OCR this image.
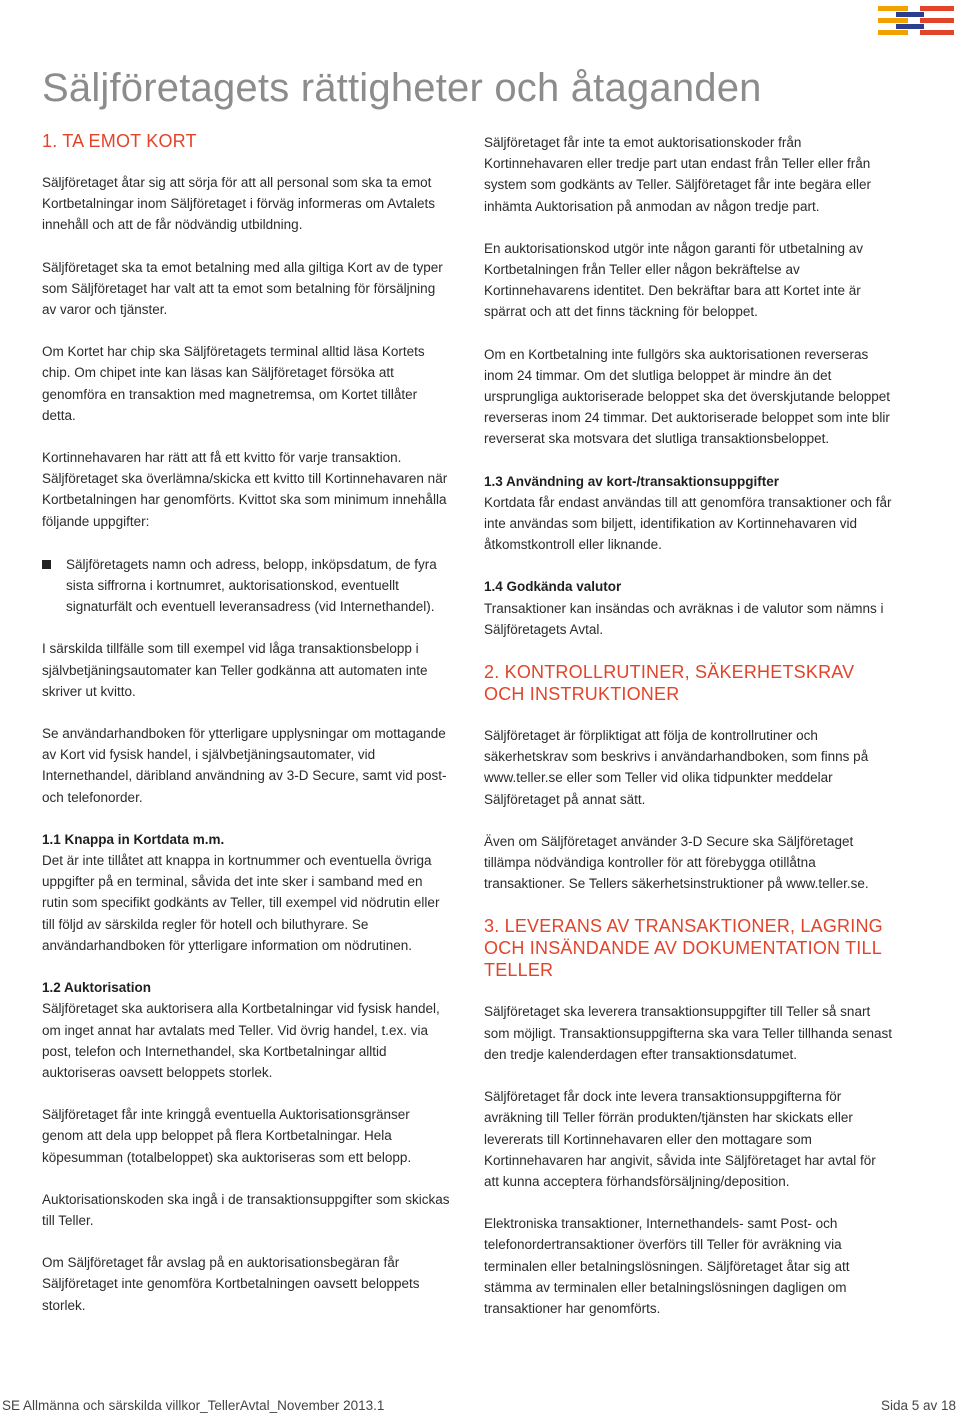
Säljföretagets rättigheter och åtaganden
1. TA EMOT KORT

Säljföretaget åtar sig att sörja för att all personal som ska ta emot Kortbetalningar inom Säljföretaget i förväg informeras om Avtalets innehåll och att de får nödvändig utbildning.

Säljföretaget ska ta emot betalning med alla giltiga Kort av de typer som Säljföretaget har valt att ta emot som betalning för försäljning av varor och tjänster.

Om Kortet har chip ska Säljföretagets terminal alltid läsa Kortets chip. Om chipet inte kan läsas kan Säljföretaget försöka att genomföra en transaktion med magnetremsa, om Kortet tillåter detta.

Kortinnehavaren har rätt att få ett kvitto för varje transaktion. Säljföretaget ska överlämna/skicka ett kvitto till Kortinnehavaren när Kortbetalningen har genomförts. Kvittot ska som minimum innehålla följande uppgifter:

Säljföretagets namn och adress, belopp, inköpsdatum, de fyra sista siffrorna i kortnumret, auktorisationskod, eventuellt signaturfält och eventuell leveransadress (vid Internethandel).

I särskilda tillfälle som till exempel vid låga transaktionsbelopp i självbetjäningsautomater kan Teller godkänna att automaten inte skriver ut kvitto.

Se användarhandboken för ytterligare upplysningar om mottagande av Kort vid fysisk handel, i självbetjäningsautomater, vid Internethandel, däribland användning av 3-D Secure, samt vid post- och telefonorder.

1.1 Knappa in Kortdata m.m.

Det är inte tillåtet att knappa in kortnummer och eventuella övriga uppgifter på en terminal, såvida det inte sker i samband med en rutin som specifikt godkänts av Teller, till exempel vid nödrutin eller till följd av särskilda regler för hotell och biluthyrare. Se användarhandboken för ytterligare information om nödrutinen.

1.2 Auktorisation

Säljföretaget ska auktorisera alla Kortbetalningar vid fysisk handel, om inget annat har avtalats med Teller. Vid övrig handel, t.ex. via post, telefon och Internethandel, ska Kortbetalningar alltid auktoriseras oavsett beloppets storlek.

Säljföretaget får inte kringgå eventuella Auktorisationsgränser genom att dela upp beloppet på flera Kortbetalningar. Hela köpesumman (totalbeloppet) ska auktoriseras som ett belopp.

Auktorisationskoden ska ingå i de transaktionsuppgifter som skickas till Teller.

Om Säljföretaget får avslag på en auktorisationsbegäran får Säljföretaget inte genomföra Kortbetalningen oavsett beloppets storlek.

Säljföretaget får inte ta emot auktorisationskoder från Kortinnehavaren eller tredje part utan endast från Teller eller från system som godkänts av Teller. Säljföretaget får inte begära eller inhämta Auktorisation på anmodan av någon tredje part.

En auktorisationskod utgör inte någon garanti för utbetalning av Kortbetalningen från Teller eller någon bekräftelse av Kortinnehavarens identitet. Den bekräftar bara att Kortet inte är spärrat och att det finns täckning för beloppet.

Om en Kortbetalning inte fullgörs ska auktorisationen reverseras inom 24 timmar. Om det slutliga beloppet är mindre än det ursprungliga auktoriserade beloppet ska det överskjutande beloppet reverseras inom 24 timmar. Det auktoriserade beloppet som inte blir reverserat ska motsvara det slutliga transaktionsbeloppet.

1.3 Användning av kort-/transaktionsuppgifter

Kortdata får endast användas till att genomföra transaktioner och får inte användas som biljett, identifikation av Kortinnehavaren vid åtkomstkontroll eller liknande.

1.4 Godkända valutor

Transaktioner kan insändas och avräknas i de valutor som nämns i Säljföretagets Avtal.

2. KONTROLLRUTINER, SÄKERHETSKRAV OCH INSTRUKTIONER

Säljföretaget är förpliktigat att följa de kontrollrutiner och säkerhetskrav som beskrivs i användarhandboken, som finns på www.teller.se eller som Teller vid olika tidpunkter meddelar Säljföretaget på annat sätt.

Även om Säljföretaget använder 3-D Secure ska Säljföretaget tillämpa nödvändiga kontroller för att förebygga otillåtna transaktioner. Se Tellers säkerhetsinstruktioner på www.teller.se.

3. LEVERANS AV TRANSAKTIONER, LAGRING OCH INSÄNDANDE AV DOKUMENTATION TILL TELLER

Säljföretaget ska leverera transaktionsuppgifter till Teller så snart som möjligt. Transaktionsuppgifterna ska vara Teller tillhanda senast den tredje kalenderdagen efter transaktionsdatumet.

Säljföretaget får dock inte levera transaktionsuppgifterna för avräkning till Teller förrän produkten/tjänsten har skickats eller levererats till Kortinnehavaren eller den mottagare som Kortinnehavaren har angivit, såvida inte Säljföretaget har avtal för att kunna acceptera förhandsförsäljning/deposition.

Elektroniska transaktioner, Internethandels- samt Post- och telefonordertransaktioner överförs till Teller för avräkning via terminalen eller betalningslösningen. Säljföretaget åtar sig att stämma av terminalen eller betalningslösningen dagligen om transaktioner har genomförts.

SE Allmänna och särskilda villkor_TellerAvtal_November 2013.1	Sida 5 av 18
